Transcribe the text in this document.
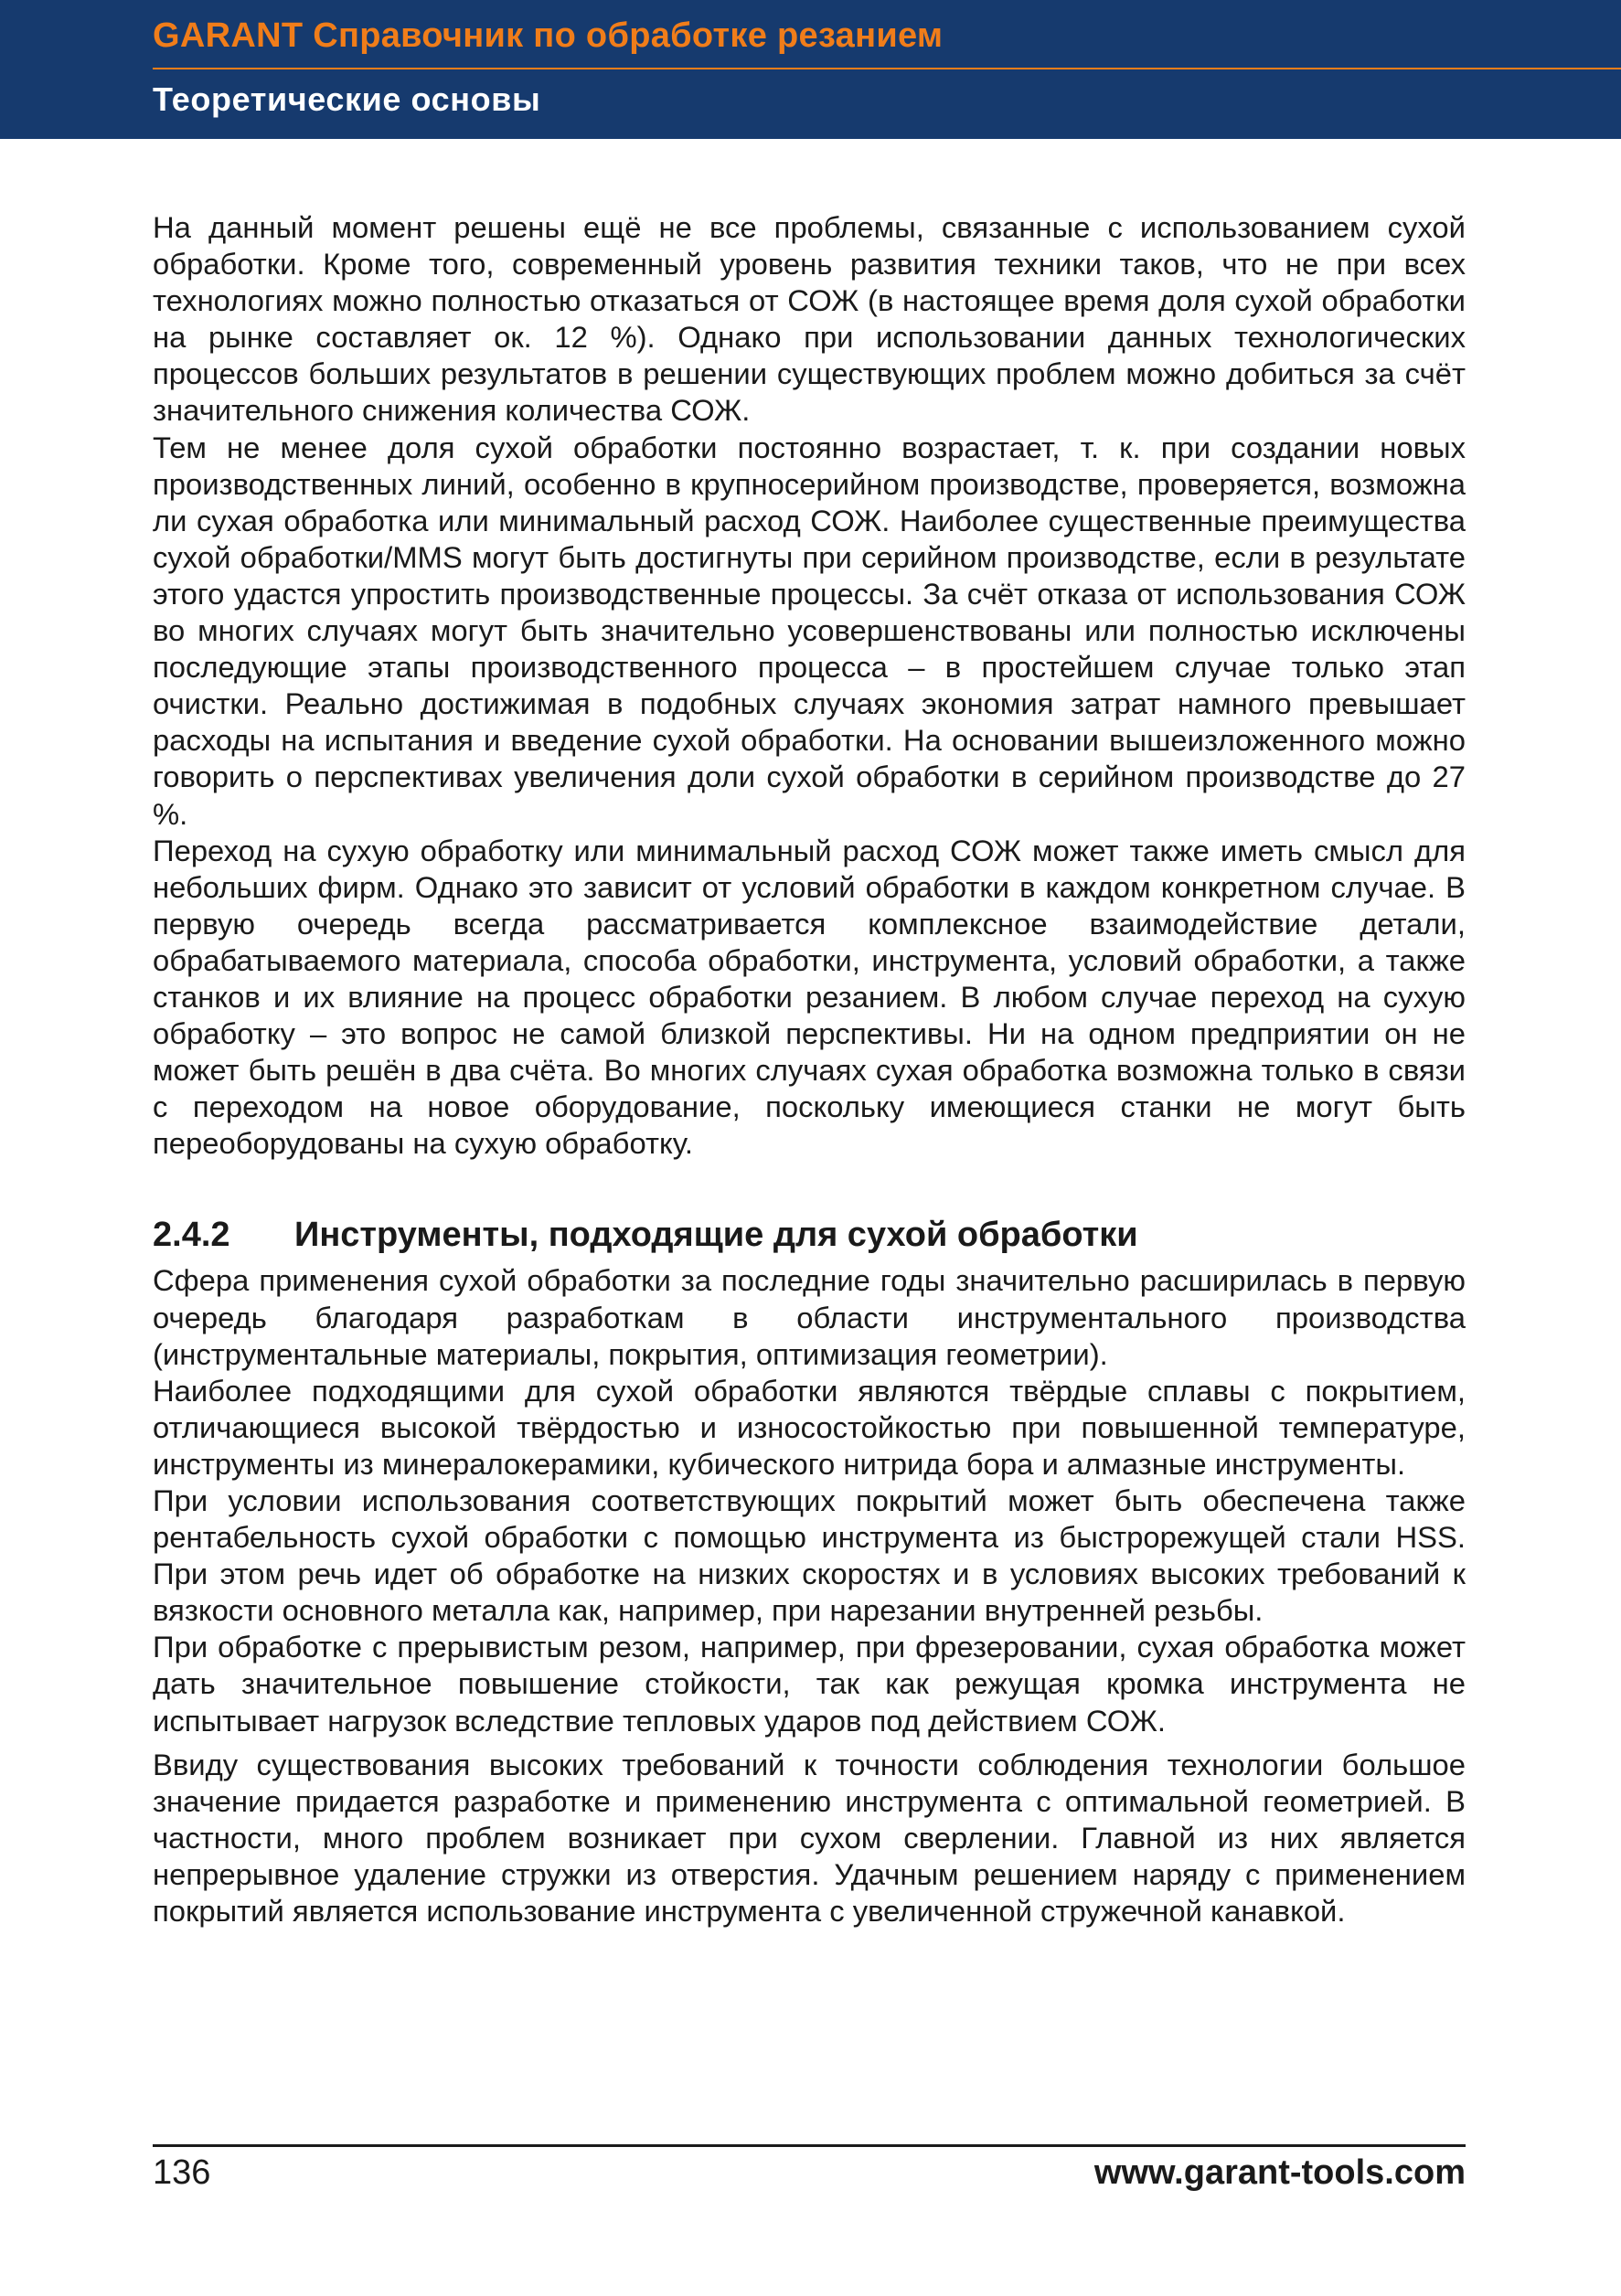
GARANT Справочник по обработке резанием
Теоретические основы

На данный момент решены ещё не все проблемы, связанные с использованием сухой обработки. Кроме того, современный уровень развития техники таков, что не при всех технологиях можно полностью отказаться от СОЖ (в настоящее время доля сухой обработки на рынке составляет ок. 12 %). Однако при использовании данных технологических процессов больших результатов в решении существующих проблем можно добиться за счёт значительного снижения количества СОЖ.

Тем не менее доля сухой обработки постоянно возрастает, т. к. при создании новых производственных линий, особенно в крупносерийном производстве, проверяется, возможна ли сухая обработка или минимальный расход СОЖ. Наиболее существенные преимущества сухой обработки/MMS могут быть достигнуты при серийном производстве, если в результате этого удастся упростить производственные процессы. За счёт отказа от использования СОЖ во многих случаях могут быть значительно усовершенствованы или полностью исключены последующие этапы производственного процесса – в простейшем случае только этап очистки. Реально достижимая в подобных случаях экономия затрат намного превышает расходы на испытания и введение сухой обработки. На основании вышеизложенного можно говорить о перспективах увеличения доли сухой обработки в серийном производстве до 27 %.

Переход на сухую обработку или минимальный расход СОЖ может также иметь смысл для небольших фирм. Однако это зависит от условий обработки в каждом конкретном случае. В первую очередь всегда рассматривается комплексное взаимодействие детали, обрабатываемого материала, способа обработки, инструмента, условий обработки, а также станков и их влияние на процесс обработки резанием. В любом случае переход на сухую обработку – это вопрос не самой близкой перспективы. Ни на одном предприятии он не может быть решён в два счёта. Во многих случаях сухая обработка возможна только в связи с переходом на новое оборудование, поскольку имеющиеся станки не могут быть переоборудованы на сухую обработку.

2.4.2 Инструменты, подходящие для сухой обработки

Сфера применения сухой обработки за последние годы значительно расширилась в первую очередь благодаря разработкам в области инструментального производства (инструментальные материалы, покрытия, оптимизация геометрии).

Наиболее подходящими для сухой обработки являются твёрдые сплавы с покрытием, отличающиеся высокой твёрдостью и износостойкостью при повышенной температуре, инструменты из минералокерамики, кубического нитрида бора и алмазные инструменты.

При условии использования соответствующих покрытий может быть обеспечена также рентабельность сухой обработки с помощью инструмента из быстрорежущей стали HSS. При этом речь идет об обработке на низких скоростях и в условиях высоких требований к вязкости основного металла как, например, при нарезании внутренней резьбы.

При обработке с прерывистым резом, например, при фрезеровании, сухая обработка может дать значительное повышение стойкости, так как режущая кромка инструмента не испытывает нагрузок вследствие тепловых ударов под действием СОЖ.

Ввиду существования высоких требований к точности соблюдения технологии большое значение придается разработке и применению инструмента с оптимальной геометрией. В частности, много проблем возникает при сухом сверлении. Главной из них является непрерывное удаление стружки из отверстия. Удачным решением наряду с применением покрытий является использование инструмента с увеличенной стружечной канавкой.

136	www.garant-tools.com
